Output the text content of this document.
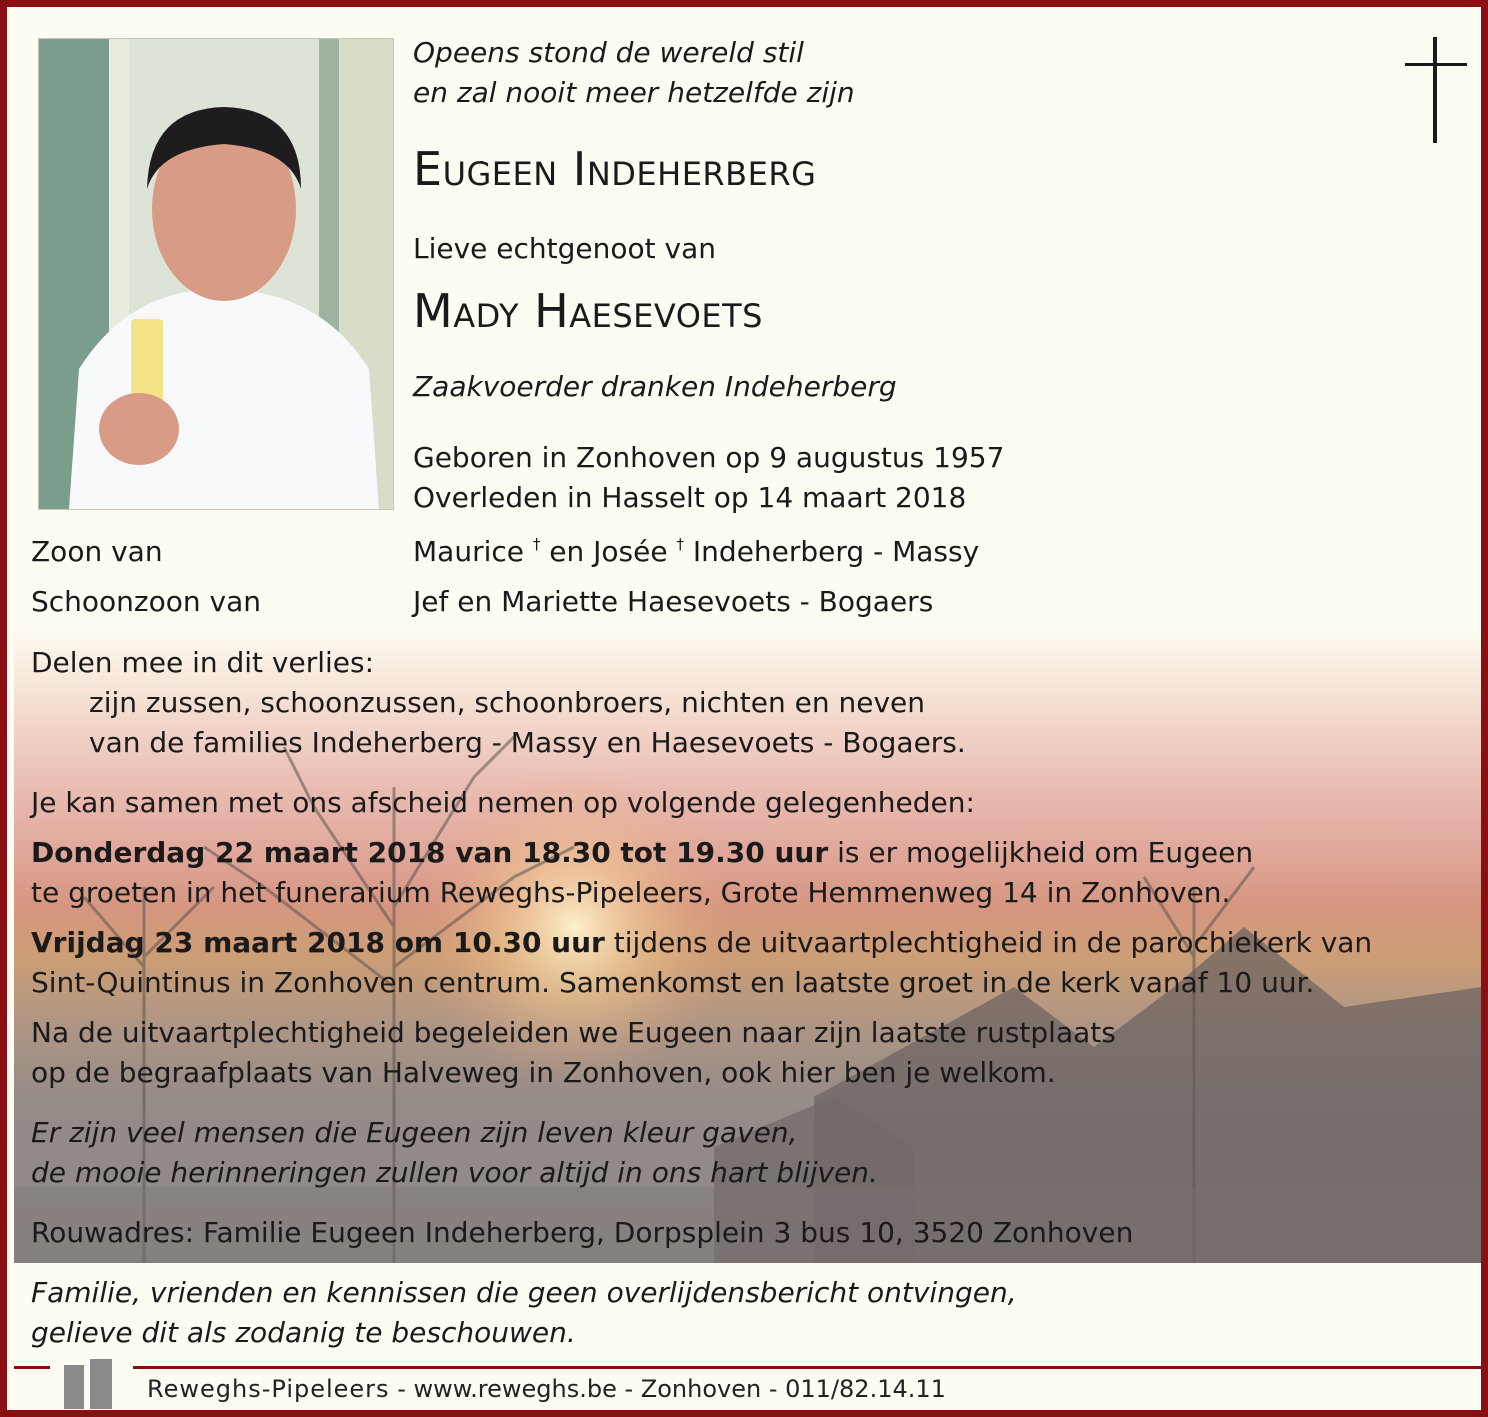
Opeens stond de wereld stil
en zal nooit meer hetzelfde zijn
Eugeen Indeherberg
Lieve echtgenoot van
Mady Haesevoets
Zaakvoerder dranken Indeherberg
Geboren in Zonhoven op 9 augustus 1957
Overleden in Hasselt op 14 maart 2018
Zoon van	Maurice † en Josée † Indeherberg - Massy
Schoonzoon van	Jef en Mariette Haesevoets - Bogaers
Delen mee in dit verlies:
zijn zussen, schoonzussen, schoonbroers, nichten en neven
van de families Indeherberg - Massy en Haesevoets - Bogaers.
Je kan samen met ons afscheid nemen op volgende gelegenheden:
Donderdag 22 maart 2018 van 18.30 tot 19.30 uur is er mogelijkheid om Eugeen
te groeten in het funerarium Reweghs-Pipeleers, Grote Hemmenweg 14 in Zonhoven.
Vrijdag 23 maart 2018 om 10.30 uur tijdens de uitvaartplechtigheid in de parochiekerk van
Sint-Quintinus in Zonhoven centrum. Samenkomst en laatste groet in de kerk vanaf 10 uur.
Na de uitvaartplechtigheid begeleiden we Eugeen naar zijn laatste rustplaats
op de begraafplaats van Halveweg in Zonhoven, ook hier ben je welkom.
Er zijn veel mensen die Eugeen zijn leven kleur gaven,
de mooie herinneringen zullen voor altijd in ons hart blijven.
Rouwadres: Familie Eugeen Indeherberg, Dorpsplein 3 bus 10, 3520 Zonhoven
Familie, vrienden en kennissen die geen overlijdensbericht ontvingen,
gelieve dit als zodanig te beschouwen.
Reweghs-Pipeleers - www.reweghs.be - Zonhoven - 011/82.14.11
